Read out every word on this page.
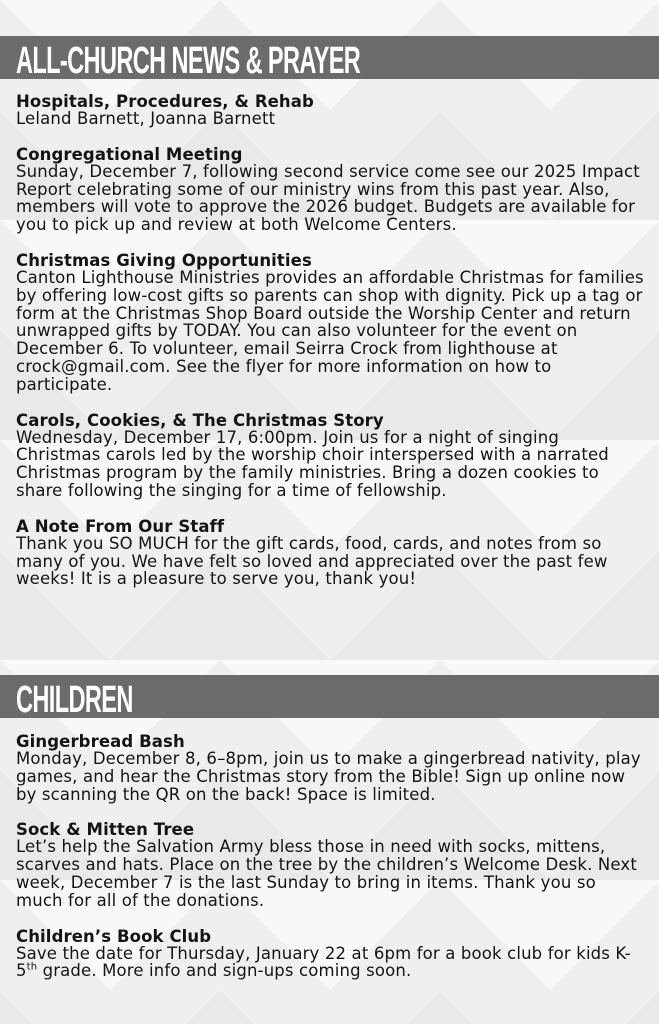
ALL-CHURCH NEWS & PRAYER
Hospitals, Procedures, & Rehab

Leland Barnett, Joanna Barnett

Congregational Meeting

Sunday, December 7, following second service come see our 2025 Impact Report celebrating some of our ministry wins from this past year. Also, members will vote to approve the 2026 budget. Budgets are available for you to pick up and review at both Welcome Centers.

Christmas Giving Opportunities

Canton Lighthouse Ministries provides an affordable Christmas for families by offering low-cost gifts so parents can shop with dignity. Pick up a tag or form at the Christmas Shop Board outside the Worship Center and return unwrapped gifts by TODAY. You can also volunteer for the event on December 6. To volunteer, email Seirra Crock from lighthouse at crock@gmail.com. See the flyer for more information on how to participate.

Carols, Cookies, & The Christmas Story

Wednesday, December 17, 6:00pm. Join us for a night of singing Christmas carols led by the worship choir interspersed with a narrated Christmas program by the family ministries. Bring a dozen cookies to share following the singing for a time of fellowship.

A Note From Our Staff

Thank you SO MUCH for the gift cards, food, cards, and notes from so many of you. We have felt so loved and appreciated over the past few weeks! It is a pleasure to serve you, thank you!

CHILDREN
Gingerbread Bash

Monday, December 8, 6–8pm, join us to make a gingerbread nativity, play games, and hear the Christmas story from the Bible! Sign up online now by scanning the QR on the back! Space is limited.

Sock & Mitten Tree

Let’s help the Salvation Army bless those in need with socks, mittens, scarves and hats. Place on the tree by the children’s Welcome Desk. Next week, December 7 is the last Sunday to bring in items. Thank you so much for all of the donations.

Children’s Book Club

Save the date for Thursday, January 22 at 6pm for a book club for kids K-5th grade. More info and sign-ups coming soon.
